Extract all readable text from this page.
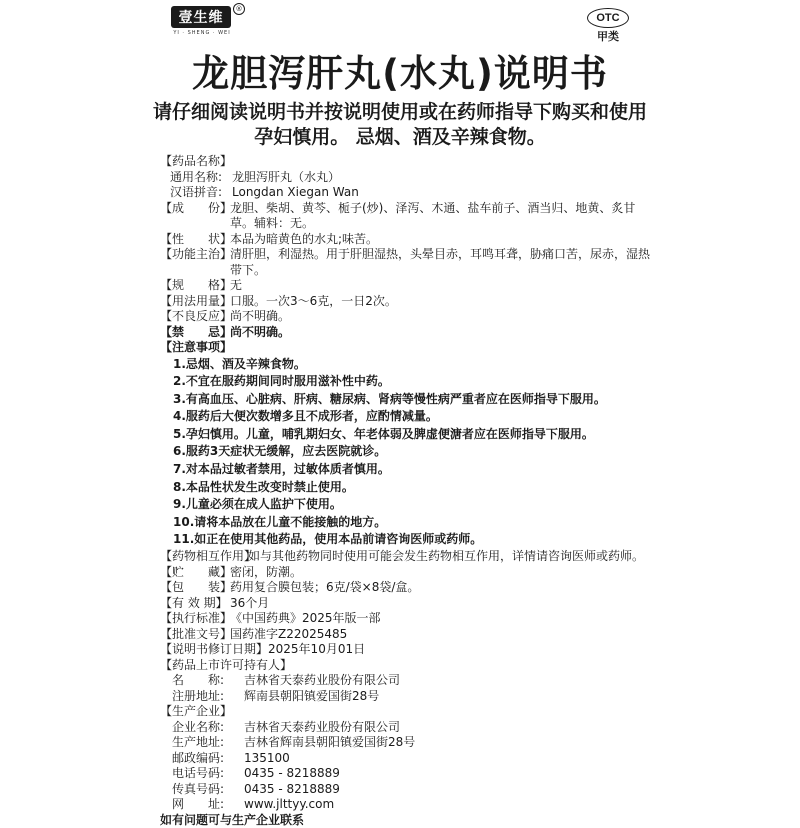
壹生维
®
YI · SHENG · WEI
OTC
甲类
龙胆泻肝丸(水丸)说明书
请仔细阅读说明书并按说明使用或在药师指导下购买和使用
孕妇慎用。 忌烟、酒及辛辣食物。
【药品名称】
通用名称: 龙胆泻肝丸（水丸）
汉语拼音: Longdan Xiegan Wan
【成　　份】
龙胆、柴胡、黄芩、栀子(炒)、泽泻、木通、盐车前子、酒当归、地黄、炙甘草。辅料：无。
【性　　状】
本品为暗黄色的水丸;味苦。
【功能主治】
清肝胆，利湿热。用于肝胆湿热，头晕目赤，耳鸣耳聋，胁痛口苦，尿赤，湿热带下。
【规　　格】
无
【用法用量】
口服。一次3～6克，一日2次。
【不良反应】
尚不明确。
【禁　　忌】
尚不明确。
【注意事项】
1.忌烟、酒及辛辣食物。
2.不宜在服药期间同时服用滋补性中药。
3.有高血压、心脏病、肝病、糖尿病、肾病等慢性病严重者应在医师指导下服用。
4.服药后大便次数增多且不成形者，应酌情减量。
5.孕妇慎用。儿童，哺乳期妇女、年老体弱及脾虚便溏者应在医师指导下服用。
6.服药3天症状无缓解，应去医院就诊。
7.对本品过敏者禁用，过敏体质者慎用。
8.本品性状发生改变时禁止使用。
9.儿童必须在成人监护下使用。
10.请将本品放在儿童不能接触的地方。
11.如正在使用其他药品，使用本品前请咨询医师或药师。
【药物相互作用】
如与其他药物同时使用可能会发生药物相互作用，详情请咨询医师或药师。
【贮　　藏】
密闭，防潮。
【包　　装】
药用复合膜包装；6克/袋×8袋/盒。
【有 效 期】 36个月
【执行标准】
《中国药典》2025年版一部
【批准文号】
国药准字Z22025485
【说明书修订日期】 2025年10月01日
【药品上市许可持有人】
名　　称:	吉林省天泰药业股份有限公司
注册地址:	辉南县朝阳镇爱国街28号
【生产企业】
企业名称:	吉林省天泰药业股份有限公司
生产地址:	吉林省辉南县朝阳镇爱国街28号
邮政编码:	135100
电话号码:	0435 - 8218889
传真号码:	0435 - 8218889
网　　址:	www.jlttyy.com
如有问题可与生产企业联系
